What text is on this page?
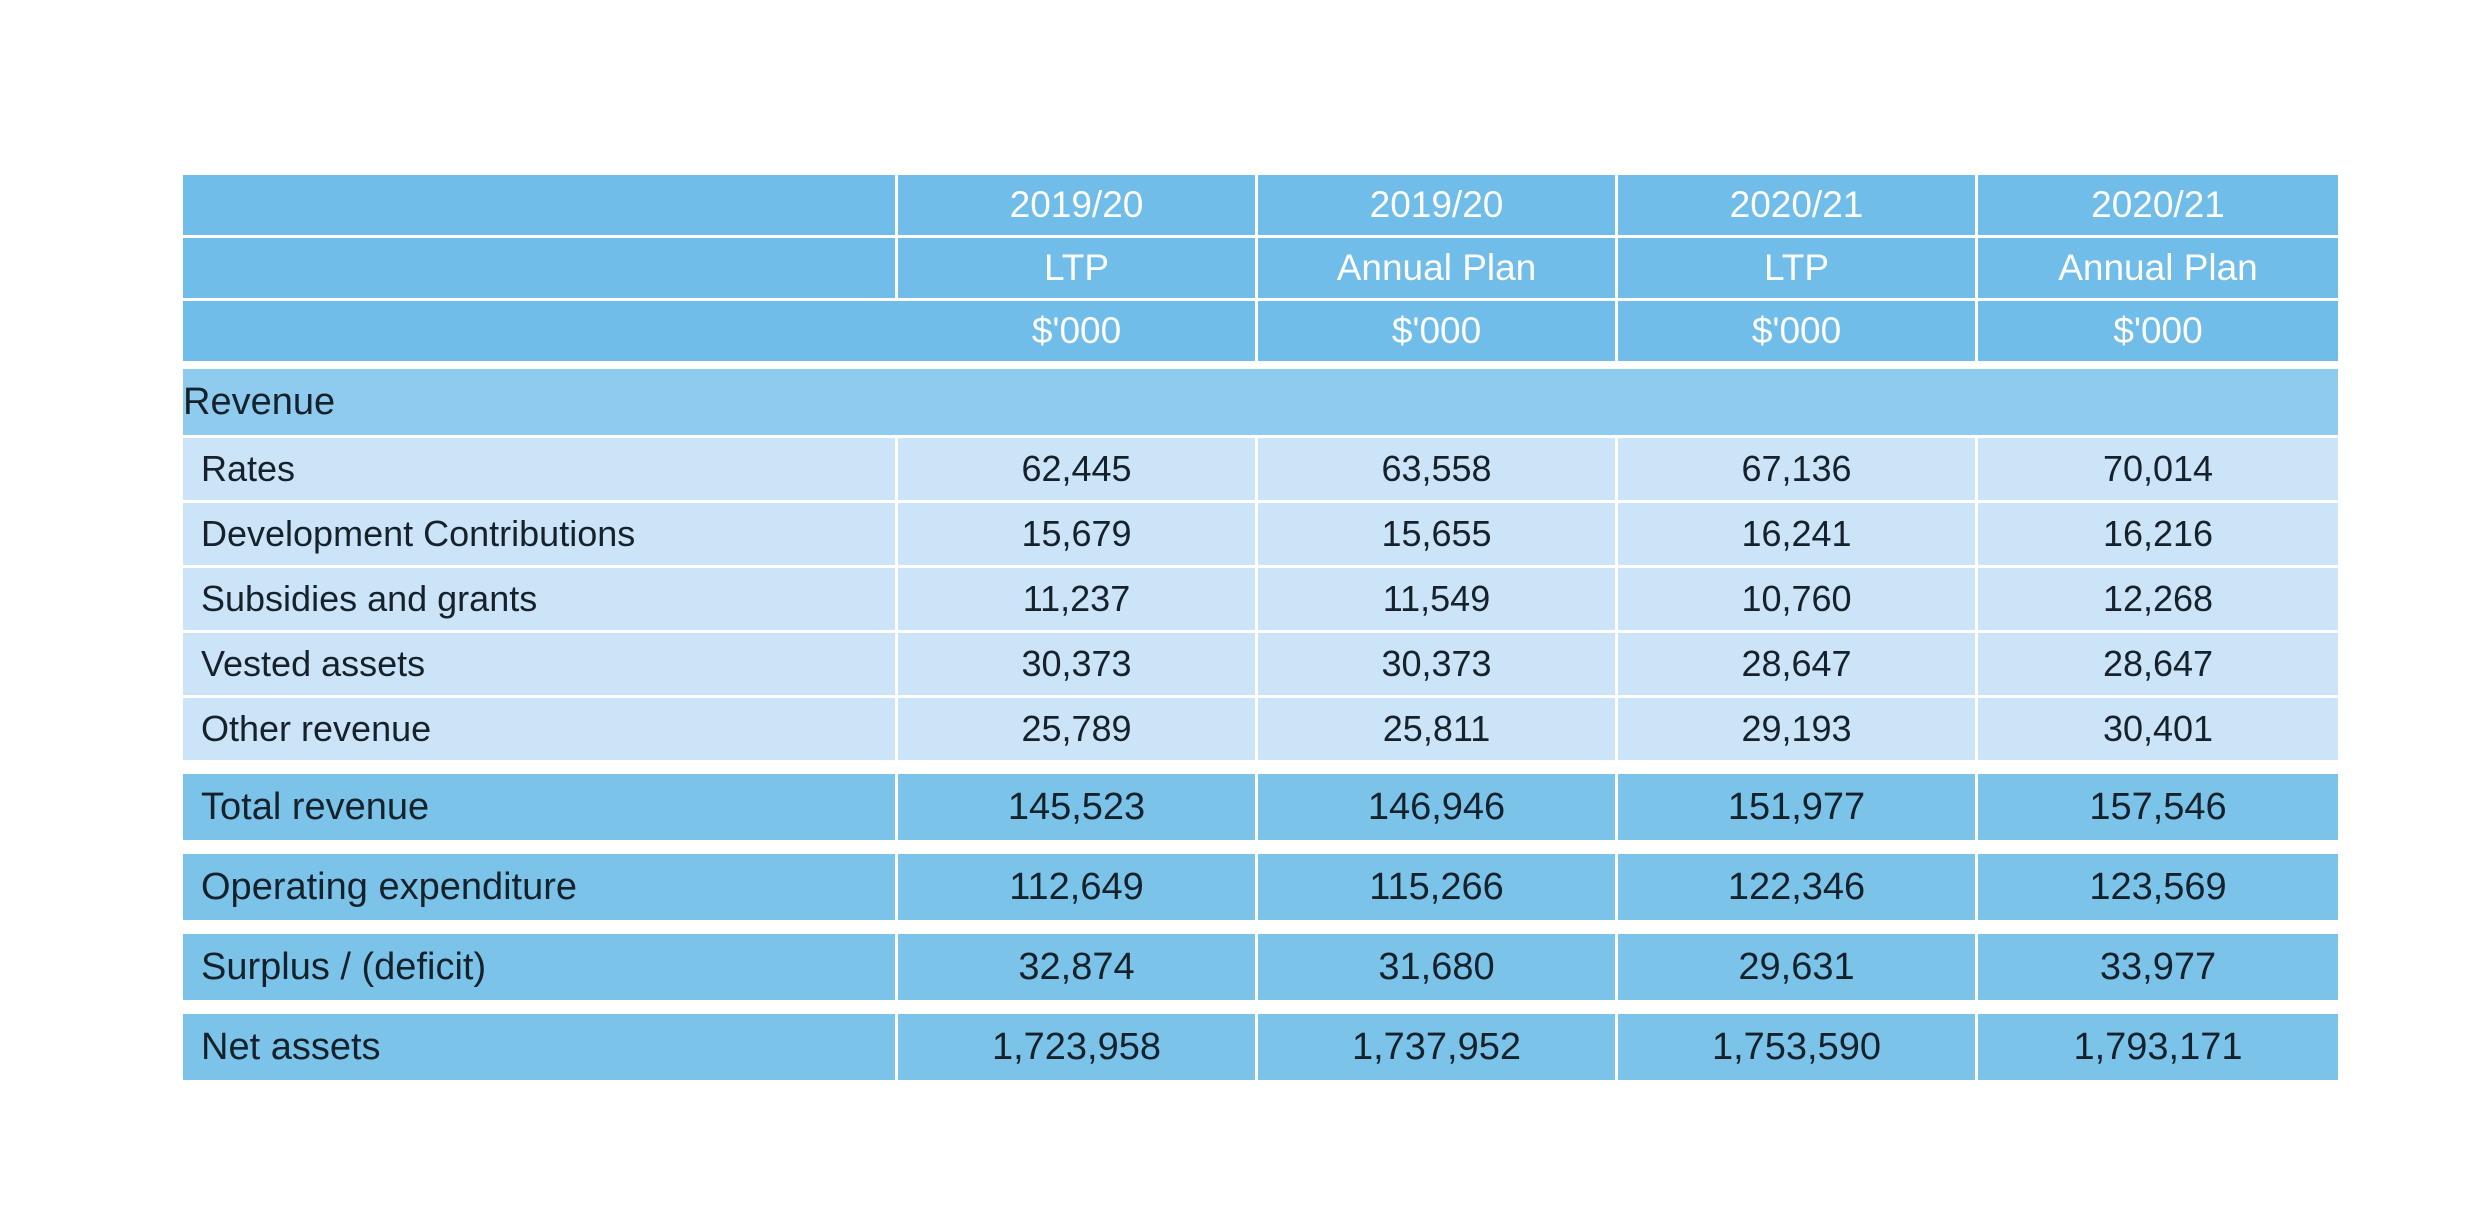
	2019/20	2019/20	2020/21	2020/21
	LTP	Annual Plan	LTP	Annual Plan
	$'000	$'000	$'000	$'000

Revenue				
Rates	62,445	63,558	67,136	70,014
Development Contributions	15,679	15,655	16,241	16,216
Subsidies and grants	11,237	11,549	10,760	12,268
Vested assets	30,373	30,373	28,647	28,647
Other revenue	25,789	25,811	29,193	30,401

Total revenue	145,523	146,946	151,977	157,546

Operating expenditure	112,649	115,266	122,346	123,569

Surplus / (deficit)	32,874	31,680	29,631	33,977

Net assets	1,723,958	1,737,952	1,753,590	1,793,171
